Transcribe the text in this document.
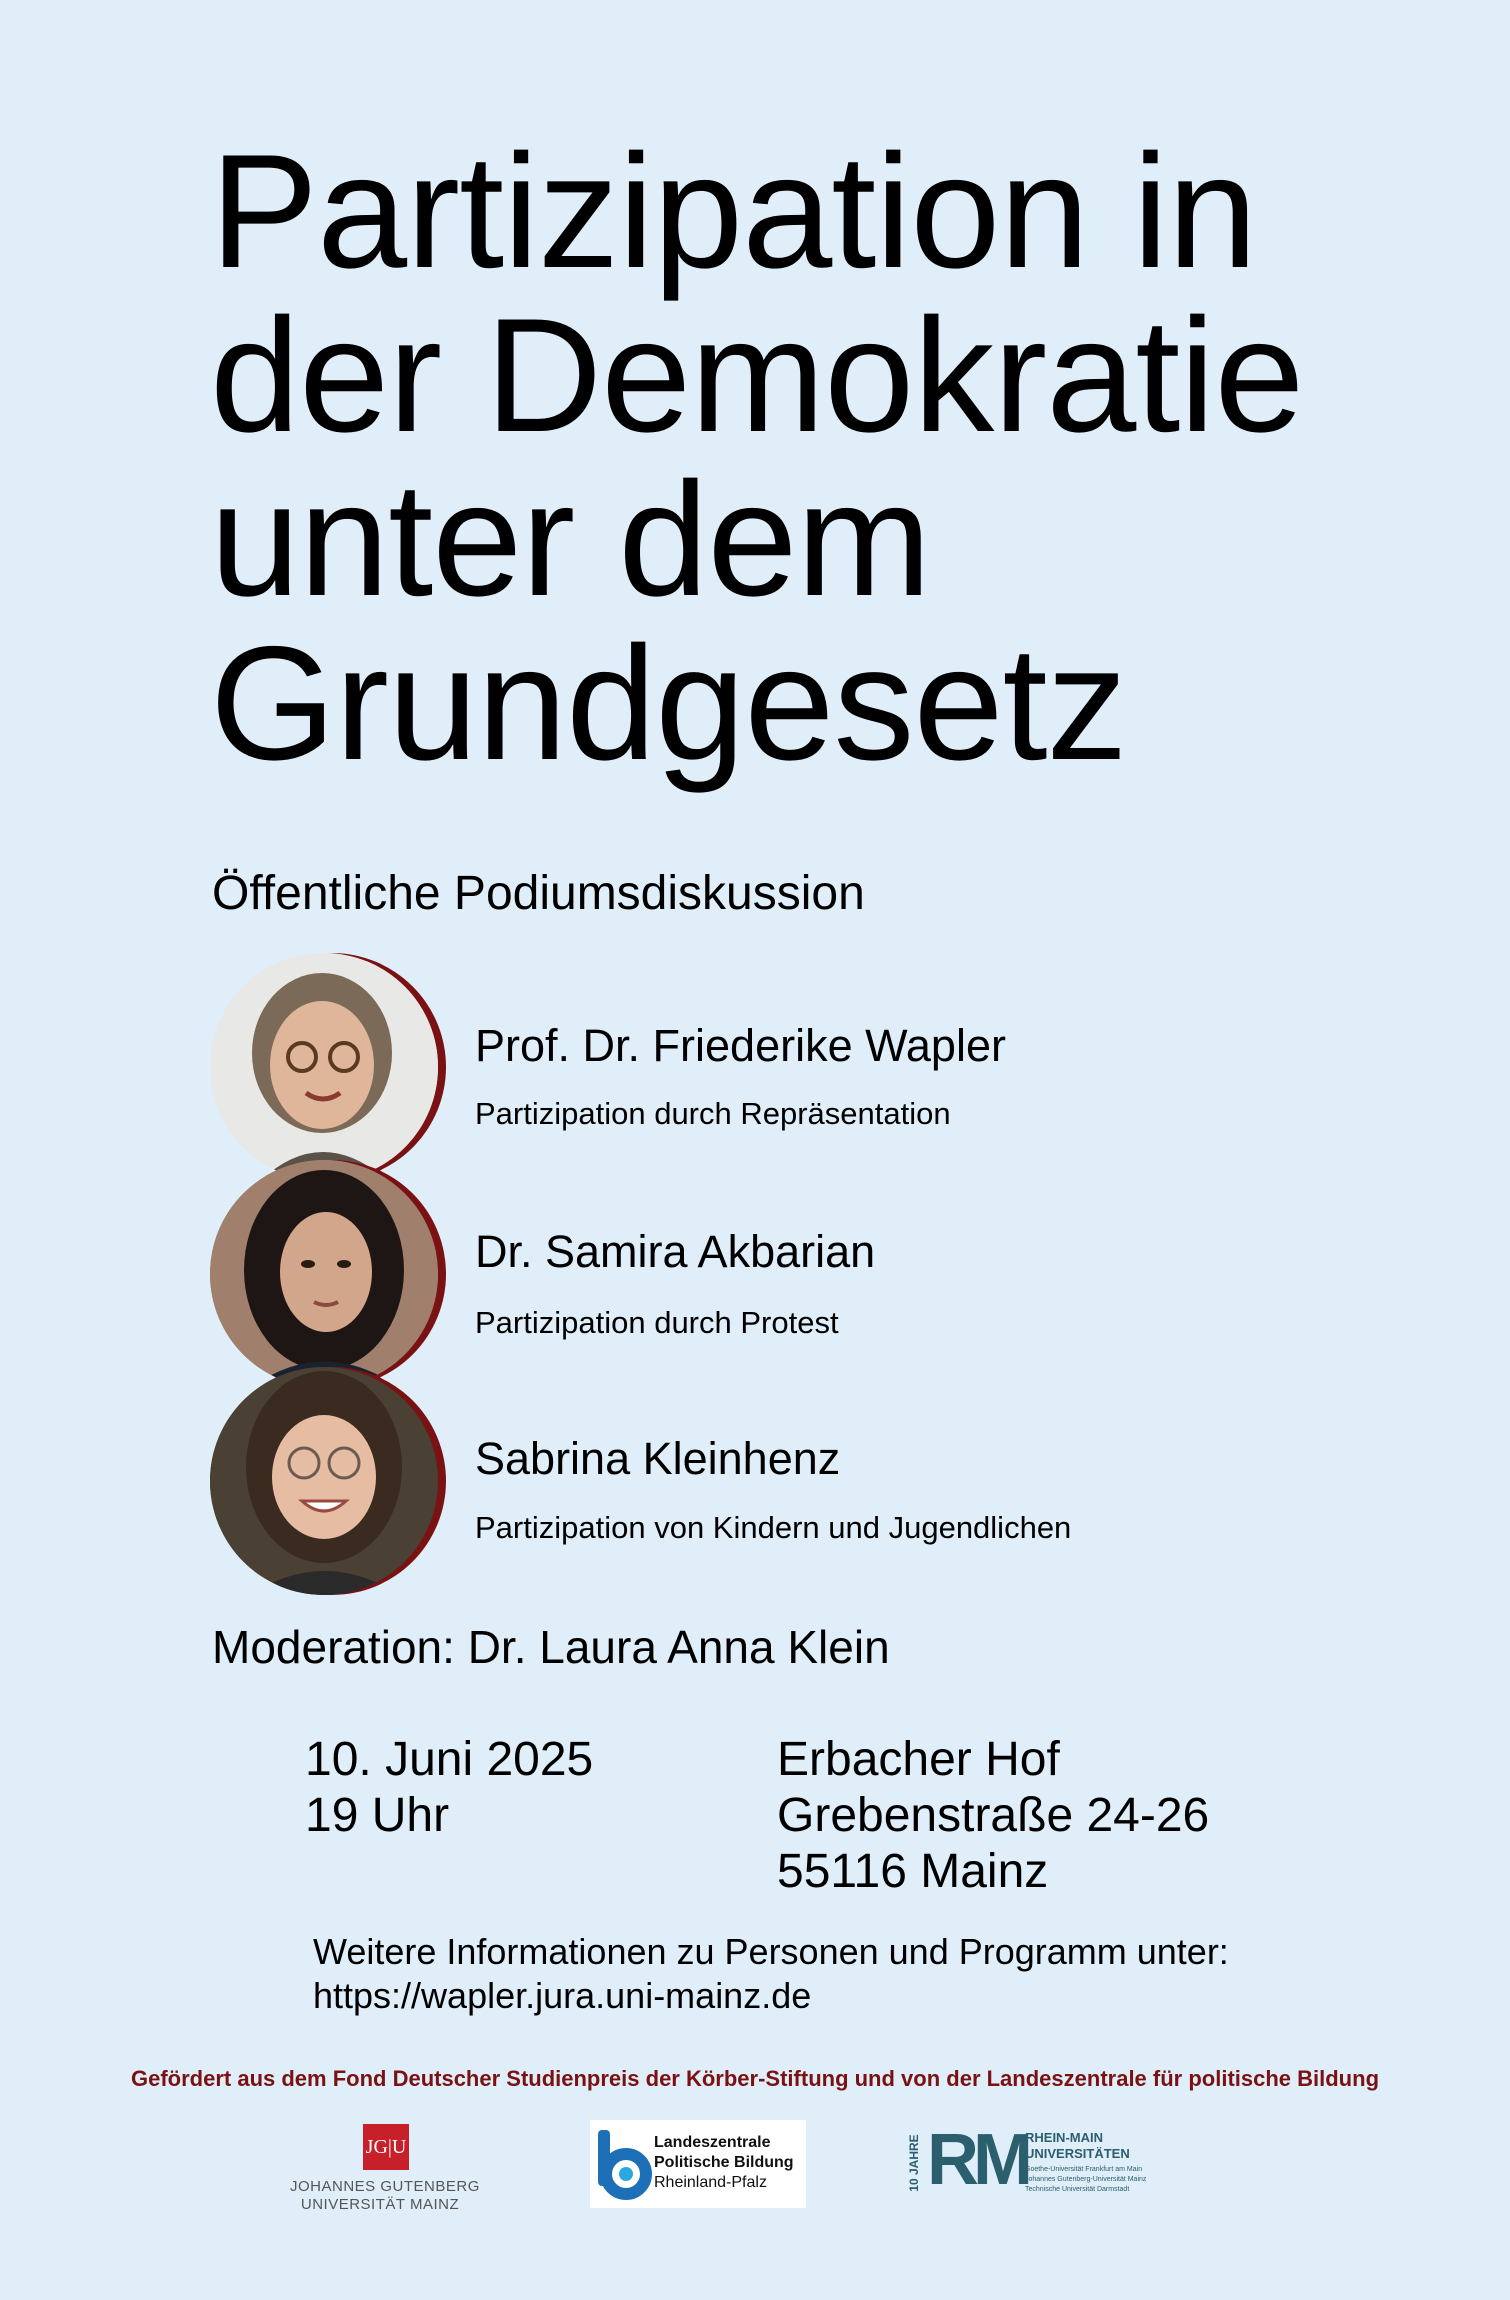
Partizipation in
der Demokratie
unter dem
Grundgesetz
Öffentliche Podiumsdiskussion
Prof. Dr. Friederike Wapler
Partizipation durch Repräsentation
Dr. Samira Akbarian
Partizipation durch Protest
Sabrina Kleinhenz
Partizipation von Kindern und Jugendlichen
Moderation: Dr. Laura Anna Klein
10. Juni 2025
19 Uhr
Erbacher Hof
Grebenstraße 24-26
55116 Mainz
Weitere Informationen zu Personen und Programm unter:
https://wapler.jura.uni-mainz.de
Gefördert aus dem Fond Deutscher Studienpreis der Körber-Stiftung und von der Landeszentrale für politische Bildung
JG|U
JOHANNES GUTENBERG
UNIVERSITÄT MAINZ
Landeszentrale
Politische Bildung
Rheinland-Pfalz	10 JAHRE RM
RHEIN-MAIN
UNIVERSITÄTEN
Goethe-Universität Frankfurt am Main
Johannes Gutenberg-Universität Mainz
Technische Universität Darmstadt
